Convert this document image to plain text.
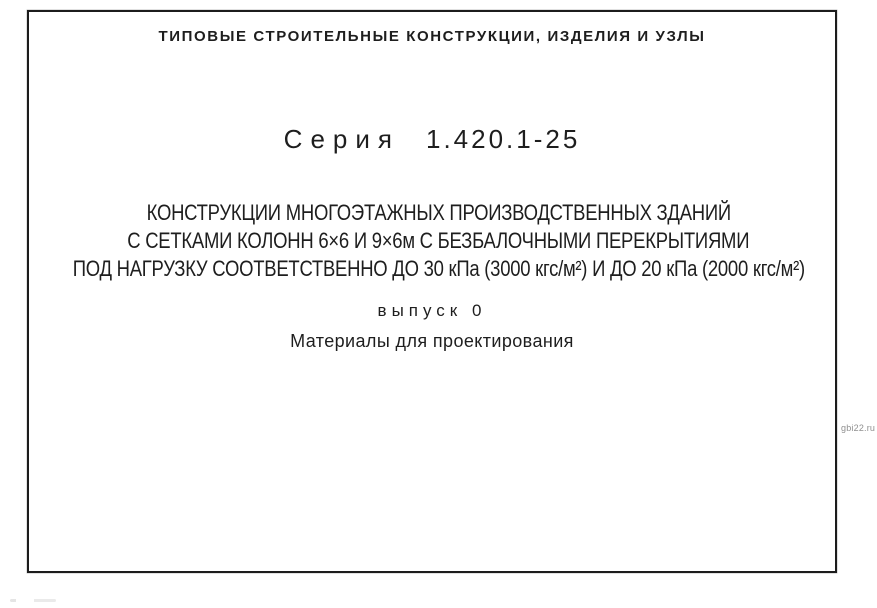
ТИПОВЫЕ СТРОИТЕЛЬНЫЕ КОНСТРУКЦИИ, ИЗДЕЛИЯ И УЗЛЫ
Серия 1.420.1-25
КОНСТРУКЦИИ МНОГОЭТАЖНЫХ ПРОИЗВОДСТВЕННЫХ ЗДАНИЙ
С СЕТКАМИ КОЛОНН 6×6 И 9×6м С БЕЗБАЛОЧНЫМИ ПЕРЕКРЫТИЯМИ
ПОД НАГРУЗКУ СООТВЕТСТВЕННО ДО 30 кПа (3000 кгс/м²) И ДО 20 кПа (2000 кгс/м²)
выпуск 0
Материалы для проектирования
gbi22.ru
